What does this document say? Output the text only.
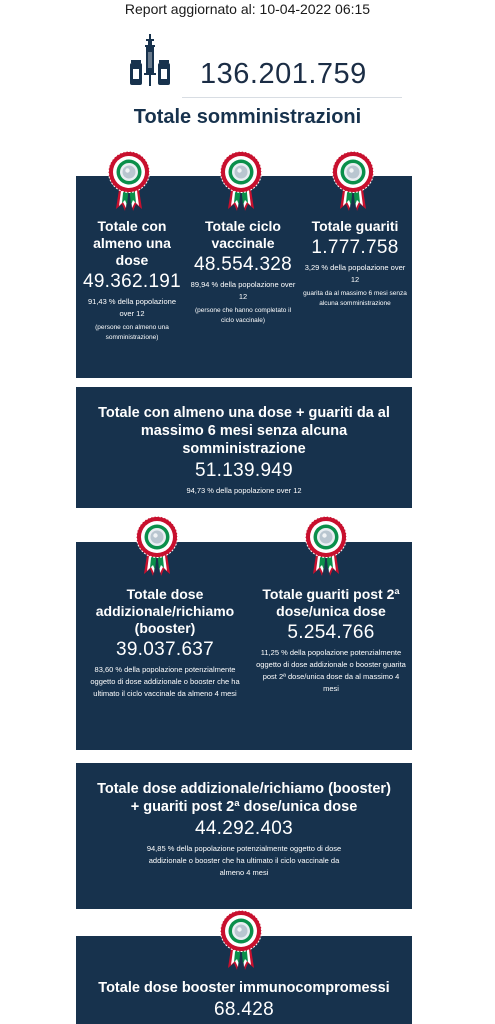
Report aggiornato al: 10-04-2022 06:15
136.201.759
Totale somministrazioni
Totale con almeno una dose
49.362.191
91,43 % della popolazione over 12
(persone con almeno una somministrazione)
Totale ciclo vaccinale
48.554.328
89,94 % della popolazione over 12
(persone che hanno completato il ciclo vaccinale)
Totale guariti
1.777.758
3,29 % della popolazione over 12
guarita da al massimo 6 mesi senza alcuna somministrazione
Totale con almeno una dose + guariti da al massimo 6 mesi senza alcuna somministrazione
51.139.949
94,73 % della popolazione over 12
Totale dose addizionale/richiamo (booster)
39.037.637
83,60 % della popolazione potenzialmente oggetto di dose addizionale o booster che ha ultimato il ciclo vaccinale da almeno 4 mesi
Totale guariti post 2ª dose/unica dose
5.254.766
11,25 % della popolazione potenzialmente oggetto di dose addizionale o booster guarita post 2ª dose/unica dose da al massimo 4 mesi
Totale dose addizionale/richiamo (booster) + guariti post 2ª dose/unica dose
44.292.403
94,85 % della popolazione potenzialmente oggetto di dose addizionale o booster che ha ultimato il ciclo vaccinale da almeno 4 mesi
Totale dose booster immunocompromessi
68.428
